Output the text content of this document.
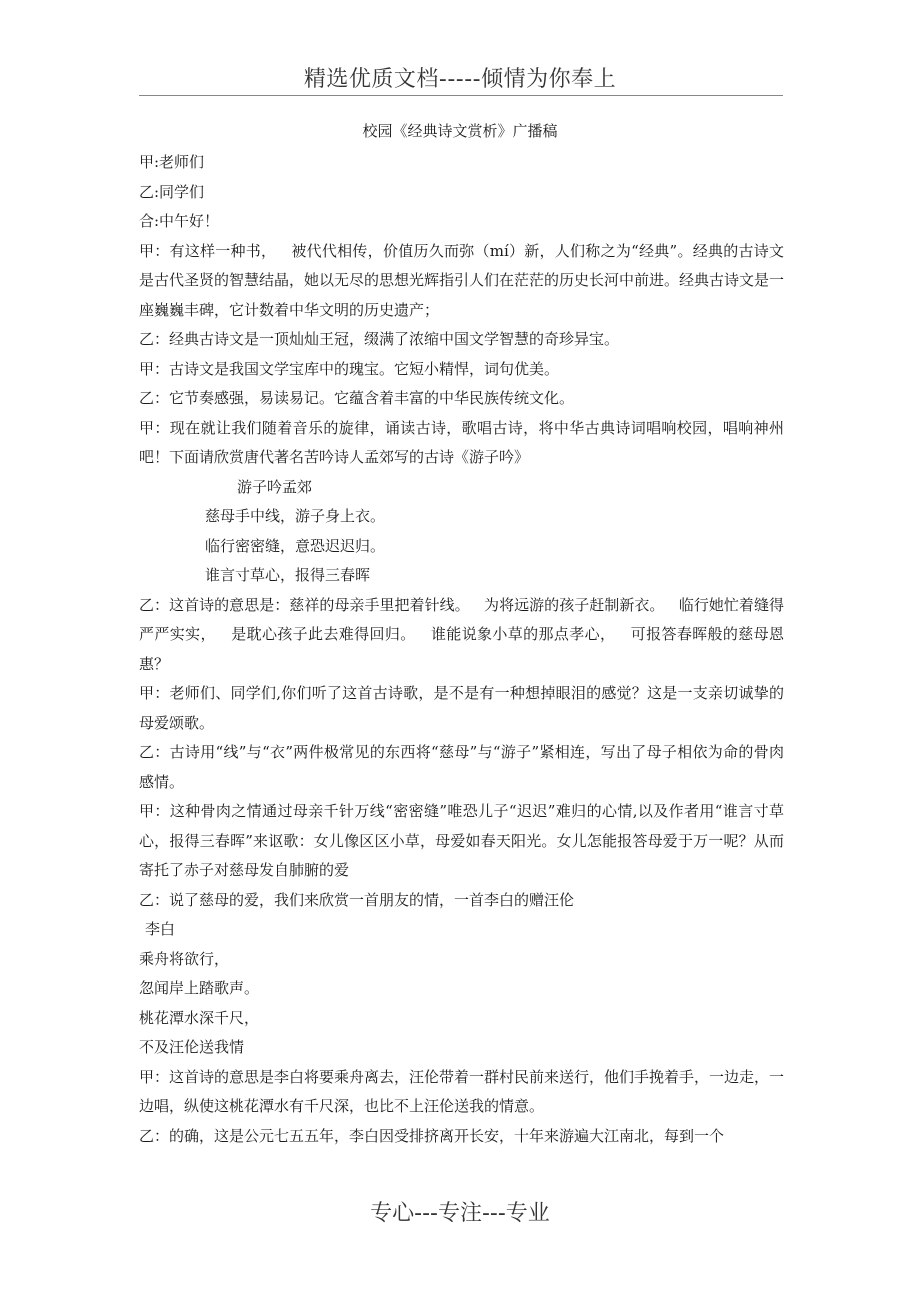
精选优质文档-----倾情为你奉上
校园《经典诗文赏析》广播稿

甲:老师们

乙:同学们

合:中午好！

甲：有这样一种书，   被代代相传，价值历久而弥（mí）新，人们称之为“经典”。经典的古诗文是古代圣贤的智慧结晶，她以无尽的思想光辉指引人们在茫茫的历史长河中前进。经典古诗文是一座巍巍丰碑，它计数着中华文明的历史遗产；

乙：经典古诗文是一顶灿灿王冠，缀满了浓缩中国文学智慧的奇珍异宝。

甲：古诗文是我国文学宝库中的瑰宝。它短小精悍，词句优美。

乙：它节奏感强，易读易记。它蕴含着丰富的中华民族传统文化。

甲：现在就让我们随着音乐的旋律，诵读古诗，歌唱古诗，将中华古典诗词唱响校园，唱响神州吧！下面请欣赏唐代著名苦吟诗人孟郊写的古诗《游子吟》

游子吟孟郊

慈母手中线，游子身上衣。

临行密密缝，意恐迟迟归。

谁言寸草心，报得三春晖

乙：这首诗的意思是：慈祥的母亲手里把着针线。   为将远游的孩子赶制新衣。   临行她忙着缝得严严实实，   是耽心孩子此去难得回归。   谁能说象小草的那点孝心，   可报答春晖般的慈母恩惠？

甲：老师们、同学们,你们听了这首古诗歌，是不是有一种想掉眼泪的感觉？这是一支亲切诚挚的母爱颂歌。

乙：古诗用“线”与“衣”两件极常见的东西将“慈母”与“游子”紧相连，写出了母子相依为命的骨肉感情。

甲：这种骨肉之情通过母亲千针万线“密密缝”唯恐儿子“迟迟”难归的心情,以及作者用“谁言寸草心，报得三春晖”来讴歌：女儿像区区小草，母爱如春天阳光。女儿怎能报答母爱于万一呢？从而寄托了赤子对慈母发自肺腑的爱

乙：说了慈母的爱，我们来欣赏一首朋友的情，一首李白的赠汪伦

李白

乘舟将欲行，

忽闻岸上踏歌声。

桃花潭水深千尺，

不及汪伦送我情

甲：这首诗的意思是李白将要乘舟离去，汪伦带着一群村民前来送行，他们手挽着手，一边走，一边唱，纵使这桃花潭水有千尺深，也比不上汪伦送我的情意。

乙：的确，这是公元七五五年，李白因受排挤离开长安，十年来游遍大江南北，每到一个

专心---专注---专业
